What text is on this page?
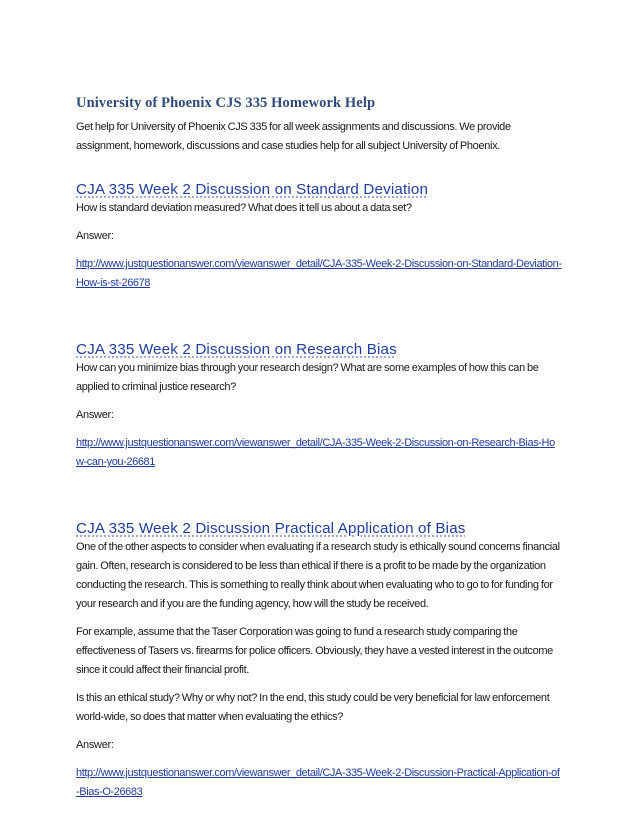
University of Phoenix CJS 335 Homework Help

Get help for University of Phoenix CJS 335 for all week assignments and discussions. We provide assignment, homework, discussions and case studies help for all subject University of Phoenix.

CJA 335 Week 2 Discussion on Standard Deviation

How is standard deviation measured? What does it tell us about a data set?

Answer:

http://www.justquestionanswer.com/viewanswer_detail/CJA-335-Week-2-Discussion-on-Standard-Deviation-How-is-st-26678
CJA 335 Week 2 Discussion on Research Bias

How can you minimize bias through your research design? What are some examples of how this can be applied to criminal justice research?

Answer:

http://www.justquestionanswer.com/viewanswer_detail/CJA-335-Week-2-Discussion-on-Research-Bias-How-can-you-26681
CJA 335 Week 2 Discussion Practical Application of Bias

One of the other aspects to consider when evaluating if a research study is ethically sound concerns financial gain. Often, research is considered to be less than ethical if there is a profit to be made by the organization conducting the research. This is something to really think about when evaluating who to go to for funding for your research and if you are the funding agency, how will the study be received.

For example, assume that the Taser Corporation was going to fund a research study comparing the effectiveness of Tasers vs. firearms for police officers. Obviously, they have a vested interest in the outcome since it could affect their financial profit.

Is this an ethical study? Why or why not? In the end, this study could be very beneficial for law enforcement world-wide, so does that matter when evaluating the ethics?

Answer:

http://www.justquestionanswer.com/viewanswer_detail/CJA-335-Week-2-Discussion-Practical-Application-of-Bias-O-26683
